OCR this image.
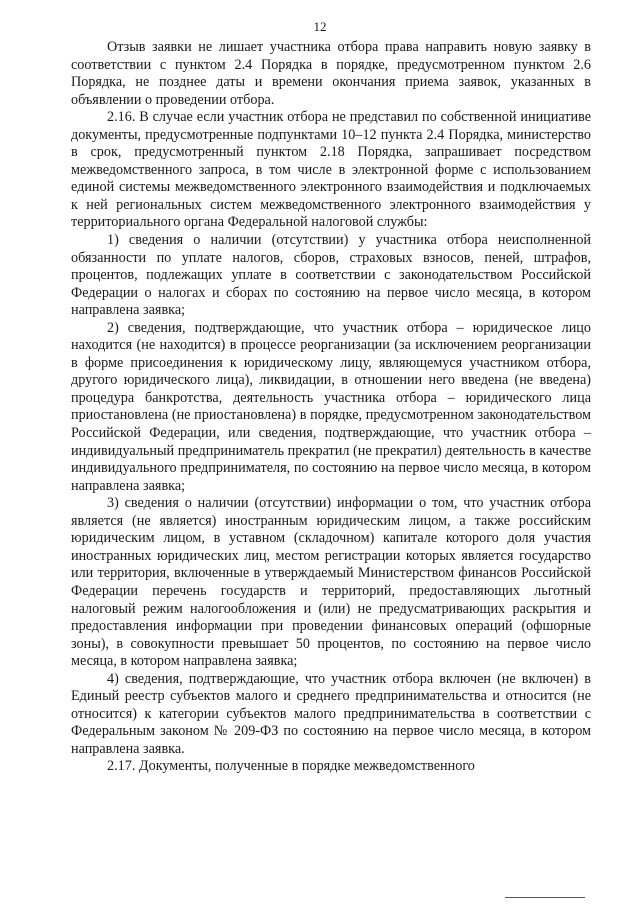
12

Отзыв заявки не лишает участника отбора права направить новую заявку в соответствии с пунктом 2.4 Порядка в порядке, предусмотренном пунктом 2.6 Порядка, не позднее даты и времени окончания приема заявок, указанных в объявлении о проведении отбора.

2.16. В случае если участник отбора не представил по собственной инициативе документы, предусмотренные подпунктами 10–12 пункта 2.4 Порядка, министерство в срок, предусмотренный пунктом 2.18 Порядка, запрашивает посредством межведомственного запроса, в том числе в электронной форме с использованием единой системы межведомственного электронного взаимодействия и подключаемых к ней региональных систем межведомственного электронного взаимодействия у территориального органа Федеральной налоговой службы:

1) сведения о наличии (отсутствии) у участника отбора неисполненной обязанности по уплате налогов, сборов, страховых взносов, пеней, штрафов, процентов, подлежащих уплате в соответствии с законодательством Российской Федерации о налогах и сборах по состоянию на первое число месяца, в котором направлена заявка;

2) сведения, подтверждающие, что участник отбора – юридическое лицо находится (не находится) в процессе реорганизации (за исключением реорганизации в форме присоединения к юридическому лицу, являющемуся участником отбора, другого юридического лица), ликвидации, в отношении него введена (не введена) процедура банкротства, деятельность участника отбора – юридического лица приостановлена (не приостановлена) в порядке, предусмотренном законодательством Российской Федерации, или сведения, подтверждающие, что участник отбора – индивидуальный предприниматель прекратил (не прекратил) деятельность в качестве индивидуального предпринимателя, по состоянию на первое число месяца, в котором направлена заявка;

3) сведения о наличии (отсутствии) информации о том, что участник отбора является (не является) иностранным юридическим лицом, а также российским юридическим лицом, в уставном (складочном) капитале которого доля участия иностранных юридических лиц, местом регистрации которых является государство или территория, включенные в утверждаемый Министерством финансов Российской Федерации перечень государств и территорий, предоставляющих льготный налоговый режим налогообложения и (или) не предусматривающих раскрытия и предоставления информации при проведении финансовых операций (офшорные зоны), в совокупности превышает 50 процентов, по состоянию на первое число месяца, в котором направлена заявка;

4) сведения, подтверждающие, что участник отбора включен (не включен) в Единый реестр субъектов малого и среднего предпринимательства и относится (не относится) к категории субъектов малого предпринимательства в соответствии с Федеральным законом № 209-ФЗ по состоянию на первое число месяца, в котором направлена заявка.

2.17. Документы, полученные в порядке межведомственного
